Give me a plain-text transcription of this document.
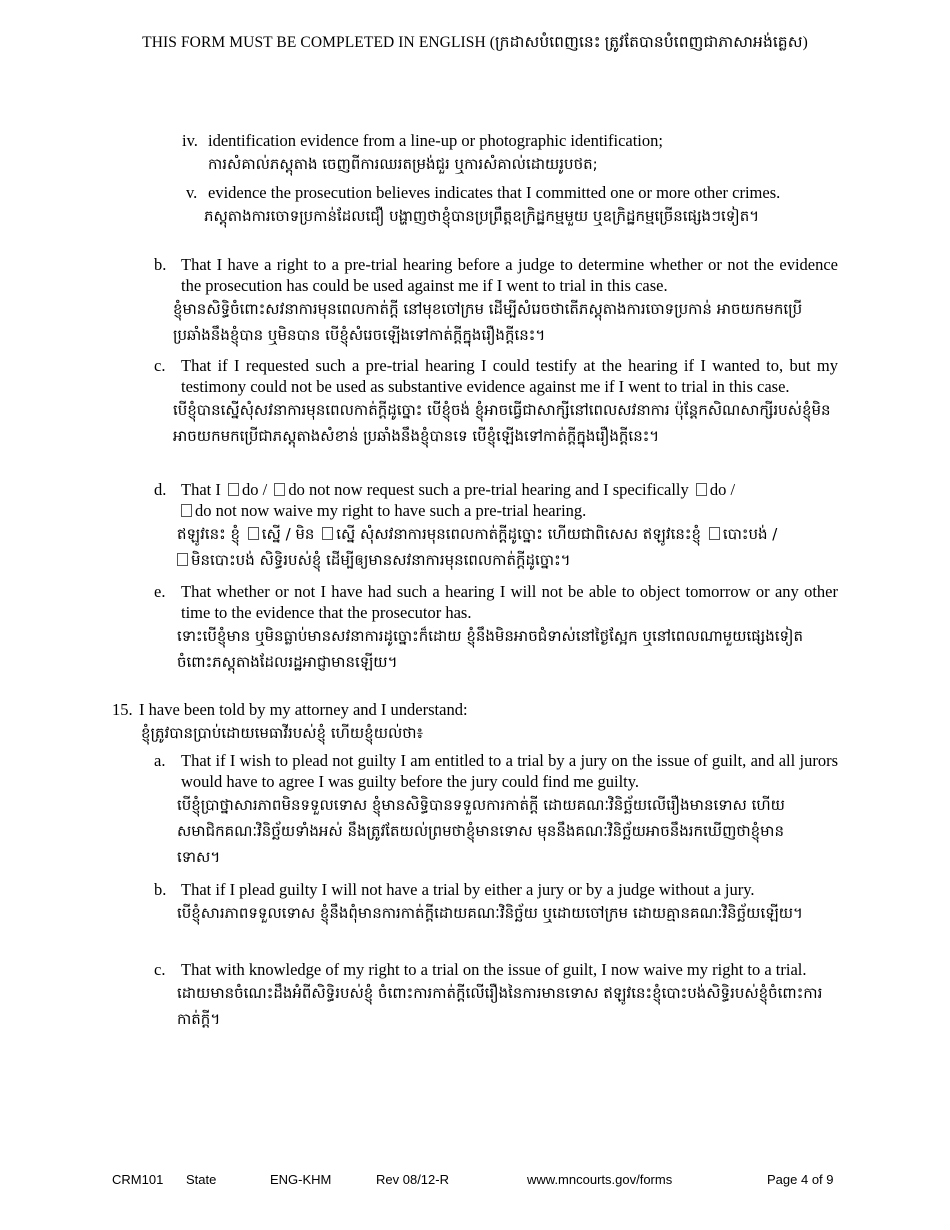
THIS FORM MUST BE COMPLETED IN ENGLISH (ក្រដាសបំពេញនេះ ត្រូវតែបានបំពេញជាភាសាអង់គ្លេស)
iv. identification evidence from a line-up or photographic identification;
ការសំគាល់ភស្តុតាង ចេញពីការឈរតម្រង់ជួរ ឬការសំគាល់ដោយរូបថត;
v. evidence the prosecution believes indicates that I committed one or more other crimes.
ភស្តុតាងការចោទប្រកាន់ដែលជឿ បង្ហាញថាខ្ញុំបានប្រព្រឹត្តឧក្រិដ្ឋកម្មមួយ ឬឧក្រិដ្ឋកម្មច្រើនផ្សេងៗទៀត។
b. That I have a right to a pre-trial hearing before a judge to determine whether or not the evidence the prosecution has could be used against me if I went to trial in this case.
ខ្ញុំមានសិទ្ធិចំពោះសវនាការមុនពេលកាត់ក្តី នៅមុខចៅក្រម ដើម្បីសំរេចថាតើភស្តុតាងការចោទប្រកាន់ អាចយកមកប្រើប្រឆាំងនឹងខ្ញុំបាន ឬមិនបាន បើខ្ញុំសំរេចឡើងទៅកាត់ក្តីក្នុងរឿងក្តីនេះ។
c. That if I requested such a pre-trial hearing I could testify at the hearing if I wanted to, but my testimony could not be used as substantive evidence against me if I went to trial in this case.
បើខ្ញុំបានស្នើសុំសវនាការមុនពេលកាត់ក្តីដូច្នោះ បើខ្ញុំចង់ ខ្ញុំអាចធ្វើជាសាក្សីនៅពេលសវនាការ ប៉ុន្តែកសិណសាក្សីរបស់ខ្ញុំមិនអាចយកមកប្រើជាភស្តុតាងសំខាន់ ប្រឆាំងនឹងខ្ញុំបានទេ បើខ្ញុំឡើងទៅកាត់ក្តីក្នុងរឿងក្តីនេះ។
d. That I do / do not now request such a pre-trial hearing and I specifically do /
do not now waive my right to have such a pre-trial hearing.
ឥឡូវនេះ ខ្ញុំ ស្នើ / មិន ស្នើ សុំសវនាការមុនពេលកាត់ក្តីដូច្នោះ ហើយជាពិសេស ឥឡូវនេះខ្ញុំ បោះបង់ /
មិនបោះបង់ សិទ្ធិរបស់ខ្ញុំ ដើម្បីឲ្យមានសវនាការមុនពេលកាត់ក្តីដូច្នោះ។
e. That whether or not I have had such a hearing I will not be able to object tomorrow or any other time to the evidence that the prosecutor has.
ទោះបើខ្ញុំមាន ឬមិនធ្លាប់មានសវនាការដូច្នោះក៏ដោយ ខ្ញុំនឹងមិនអាចជំទាស់នៅថ្ងៃស្អែក ឬនៅពេលណាមួយផ្សេងទៀត ចំពោះភស្តុតាងដែលរដ្ឋអាជ្ញាមានឡើយ។
15. I have been told by my attorney and I understand:
ខ្ញុំត្រូវបានប្រាប់ដោយមេធាវីរបស់ខ្ញុំ ហើយខ្ញុំយល់ថា៖
a. That if I wish to plead not guilty I am entitled to a trial by a jury on the issue of guilt, and all jurors would have to agree I was guilty before the jury could find me guilty.
បើខ្ញុំប្រាថ្នាសារភាពមិនទទួលទោស ខ្ញុំមានសិទ្ធិបានទទួលការកាត់ក្តី ដោយគណៈវិនិច្ឆ័យលើរឿងមានទោស ហើយសមាជិកគណៈវិនិច្ឆ័យទាំងអស់ នឹងត្រូវតែយល់ព្រមថាខ្ញុំមានទោស មុននឹងគណៈវិនិច្ឆ័យអាចនឹងរកឃើញថាខ្ញុំមានទោស។
b. That if I plead guilty I will not have a trial by either a jury or by a judge without a jury.
បើខ្ញុំសារភាពទទួលទោស ខ្ញុំនឹងពុំមានការកាត់ក្តីដោយគណៈវិនិច្ឆ័យ ឬដោយចៅក្រម ដោយគ្មានគណៈវិនិច្ឆ័យឡើយ។
c. That with knowledge of my right to a trial on the issue of guilt, I now waive my right to a trial.
ដោយមានចំណេះដឹងអំពីសិទ្ធិរបស់ខ្ញុំ ចំពោះការកាត់ក្តីលើរឿងនៃការមានទោស ឥឡូវនេះខ្ញុំបោះបង់សិទ្ធិរបស់ខ្ញុំចំពោះការកាត់ក្តី។
CRM101 State	ENG-KHM	Rev 08/12-R	www.mncourts.gov/forms	Page 4 of 9
